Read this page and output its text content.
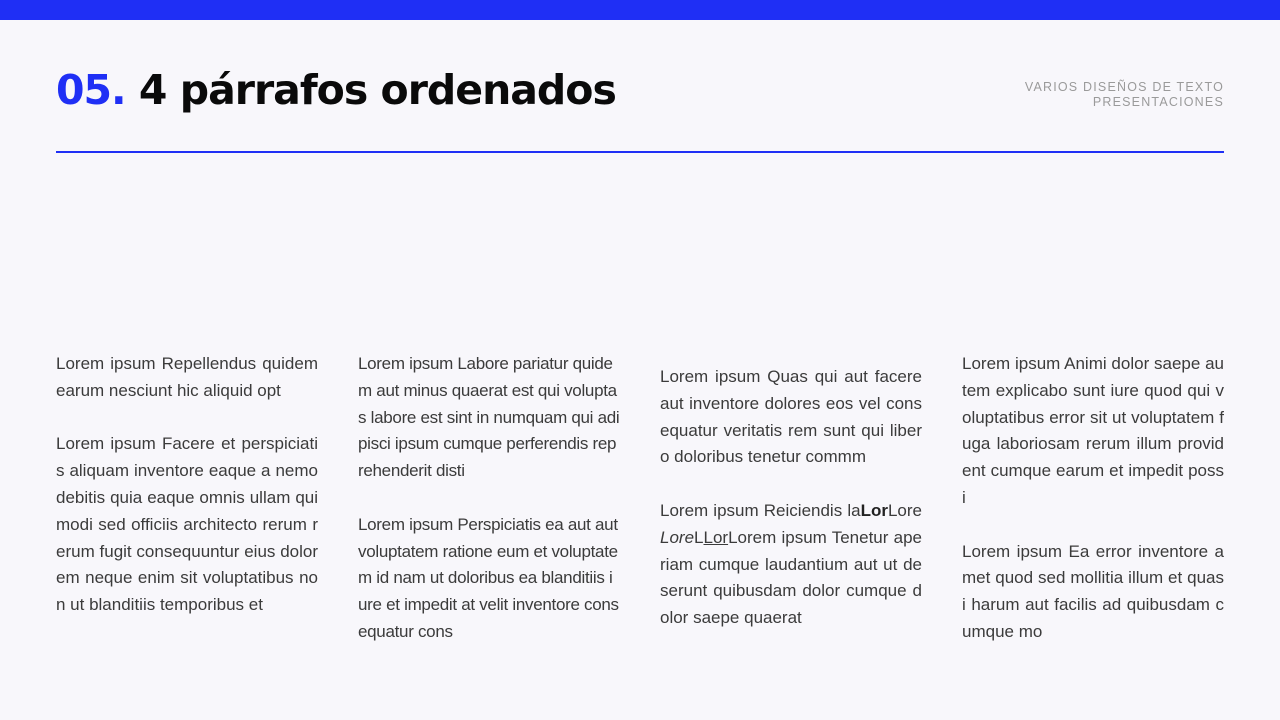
05. 4 párrafos ordenados	VARIOS DISEÑOS DE TEXTO
PRESENTACIONES

Lorem ipsum Repellendus quidem earum nesciunt hic aliquid opt

Lorem ipsum Facere et perspiciatis aliquam inventore eaque a nemo debitis quia eaque omnis ullam qui modi sed officiis architecto rerum rerum fugit consequuntur eius dolorem neque enim sit voluptatibus non ut blanditiis temporibus et

Lorem ipsum Labore pariatur quidem aut minus quaerat est qui voluptas labore est sint in numquam qui adipisci ipsum cumque perferendis reprehenderit disti

Lorem ipsum Perspiciatis ea aut aut voluptatem ratione eum et voluptatem id nam ut doloribus ea blanditiis iure et impedit at velit inventore consequatur cons

Lorem ipsum Quas qui aut facere aut inventore dolores eos vel consequatur veritatis rem sunt qui libero doloribus tenetur commm

Lorem ipsum Reiciendis laLorLoreLoreLLorLorem ipsum Tenetur aperiam cumque laudantium aut ut deserunt quibusdam dolor cumque dolor saepe quaerat

Lorem ipsum Animi dolor saepe autem explicabo sunt iure quod qui voluptatibus error sit ut voluptatem fuga laboriosam rerum illum provident cumque earum et impedit possi

Lorem ipsum Ea error inventore amet quod sed mollitia illum et quasi harum aut facilis ad quibusdam cumque mo
